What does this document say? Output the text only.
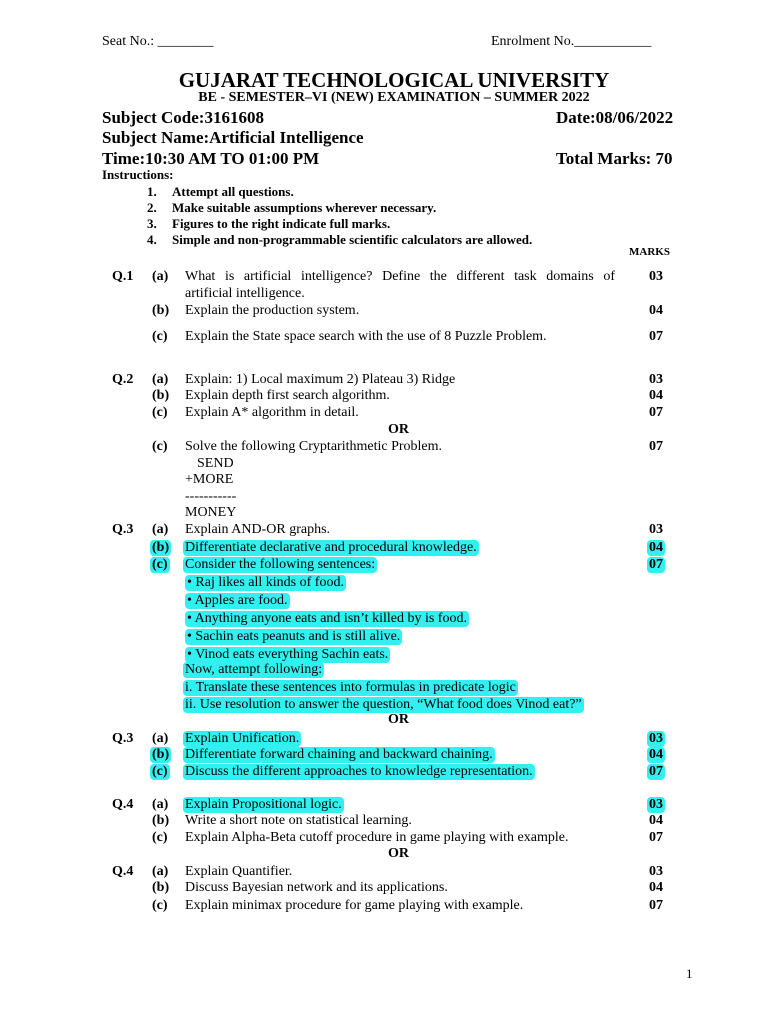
Seat No.: ________	Enrolment No.___________
GUJARAT TECHNOLOGICAL UNIVERSITY
BE - SEMESTER–VI (NEW) EXAMINATION – SUMMER 2022
Subject Code:3161608	Date:08/06/2022
Subject Name:Artificial Intelligence
Time:10:30 AM TO 01:00 PM	Total Marks: 70
Instructions:
1. Attempt all questions.
2. Make suitable assumptions wherever necessary.
3. Figures to the right indicate full marks.
4. Simple and non-programmable scientific calculators are allowed.
MARKS
Q.1 (a) What is artificial intelligence? Define the different task domains of
artificial intelligence.
03
(b) Explain the production system.	04
(c) Explain the State space search with the use of 8 Puzzle Problem.	07
Q.2 (a) Explain: 1) Local maximum 2) Plateau 3) Ridge	03
(b) Explain depth first search algorithm.	04
(c) Explain A* algorithm in detail.	07
OR
(c) Solve the following Cryptarithmetic Problem.	07
SEND
+MORE
-----------
MONEY
Q.3 (a) Explain AND-OR graphs.	03
(b) Differentiate declarative and procedural knowledge.	04
(c) Consider the following sentences:	07
• Raj likes all kinds of food.
• Apples are food.
• Anything anyone eats and isn’t killed by is food.
• Sachin eats peanuts and is still alive.
• Vinod eats everything Sachin eats.
Now, attempt following:
i. Translate these sentences into formulas in predicate logic
ii. Use resolution to answer the question, “What food does Vinod eat?”
OR
Q.3 (a) Explain Unification.	03
(b) Differentiate forward chaining and backward chaining.	04
(c) Discuss the different approaches to knowledge representation.	07
Q.4 (a) Explain Propositional logic.	03
(b) Write a short note on statistical learning.	04
(c) Explain Alpha-Beta cutoff procedure in game playing with example.	07
OR
Q.4 (a) Explain Quantifier.	03
(b) Discuss Bayesian network and its applications.	04
(c) Explain minimax procedure for game playing with example.	07
1
